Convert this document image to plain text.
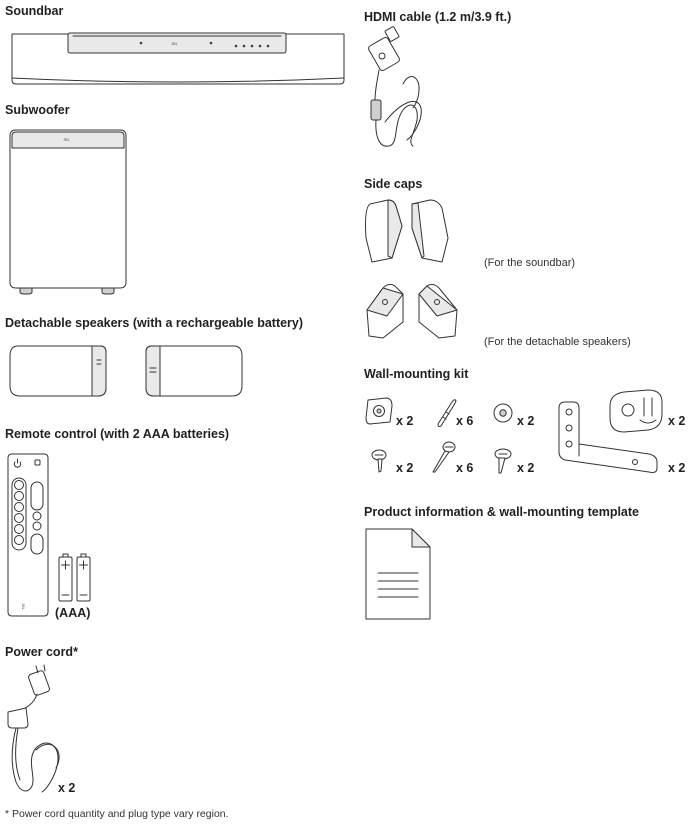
Soundbar
JBL
Subwoofer
JBL
Detachable speakers (with a rechargeable battery)
Remote control (with 2 AAA batteries)
JBL (AAA)
Power cord*
x 2
HDMI cable (1.2 m/3.9 ft.)
Side caps
(For the soundbar)
(For the detachable speakers)
Wall-mounting kit
x 2	x 6	x 2	x 2
x 2	x 6	x 2	x 2
Product information & wall-mounting template
* Power cord quantity and plug type vary region.
